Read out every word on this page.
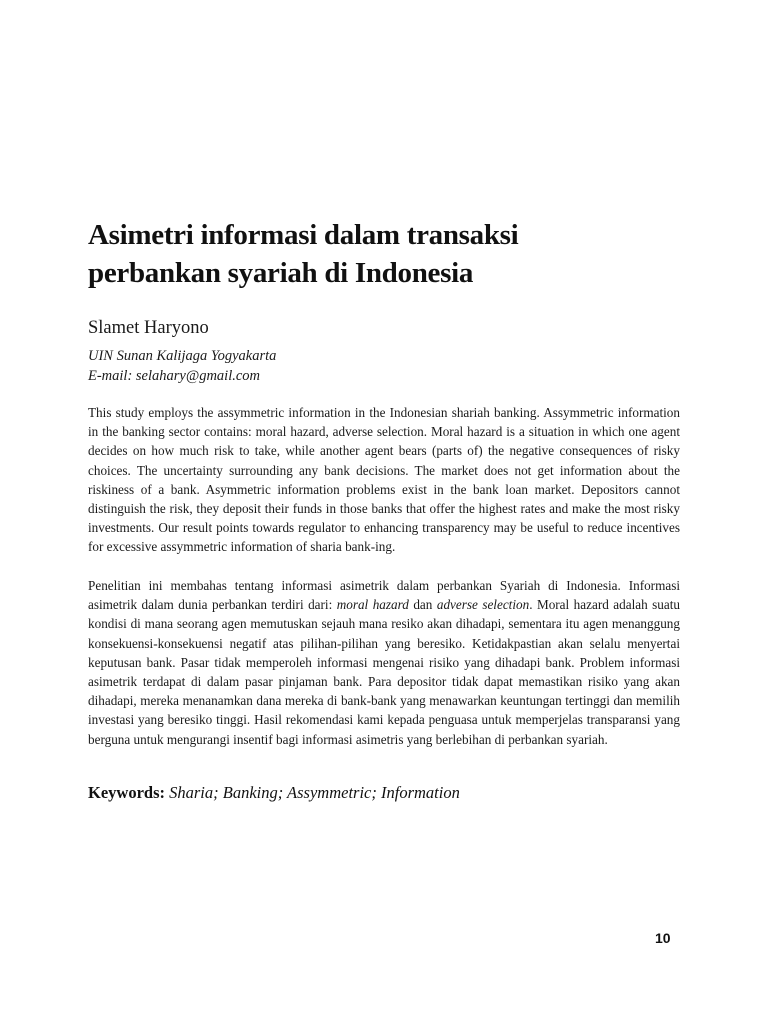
Asimetri informasi dalam transaksi
perbankan syariah di Indonesia
Slamet Haryono
UIN Sunan Kalijaga Yogyakarta
E-mail: selahary@gmail.com

This study employs the assymmetric information in the Indonesian shariah banking. Assymmetric information in the banking sector contains: moral hazard, adverse selection. Moral hazard is a situation in which one agent decides on how much risk to take, while another agent bears (parts of) the negative consequences of risky choices. The uncertainty surrounding any bank decisions. The market does not get information about the riskiness of a bank. Asymmetric information problems exist in the bank loan market. Depositors cannot distinguish the risk, they deposit their funds in those banks that offer the highest rates and make the most risky investments. Our result points towards regulator to enhancing transparency may be useful to reduce incentives for excessive assymmetric information of sharia bank-ing.

Penelitian ini membahas tentang informasi asimetrik dalam perbankan Syariah di Indonesia. Informasi asimetrik dalam dunia perbankan terdiri dari: moral hazard dan adverse selection. Moral hazard adalah suatu kondisi di mana seorang agen memutuskan sejauh mana resiko akan dihadapi, sementara itu agen menanggung konsekuensi-konsekuensi negatif atas pilihan-pilihan yang beresiko. Ketidakpastian akan selalu menyertai keputusan bank. Pasar tidak memperoleh informasi mengenai risiko yang dihadapi bank. Problem informasi asimetrik terdapat di dalam pasar pinjaman bank. Para depositor tidak dapat memastikan risiko yang akan dihadapi, mereka menanamkan dana mereka di bank-bank yang menawarkan keuntungan tertinggi dan memilih investasi yang beresiko tinggi. Hasil rekomendasi kami kepada penguasa untuk memperjelas transparansi yang berguna untuk mengurangi insentif bagi informasi asimetris yang berlebihan di perbankan syariah.

Keywords: Sharia; Banking; Assymmetric; Information
10
